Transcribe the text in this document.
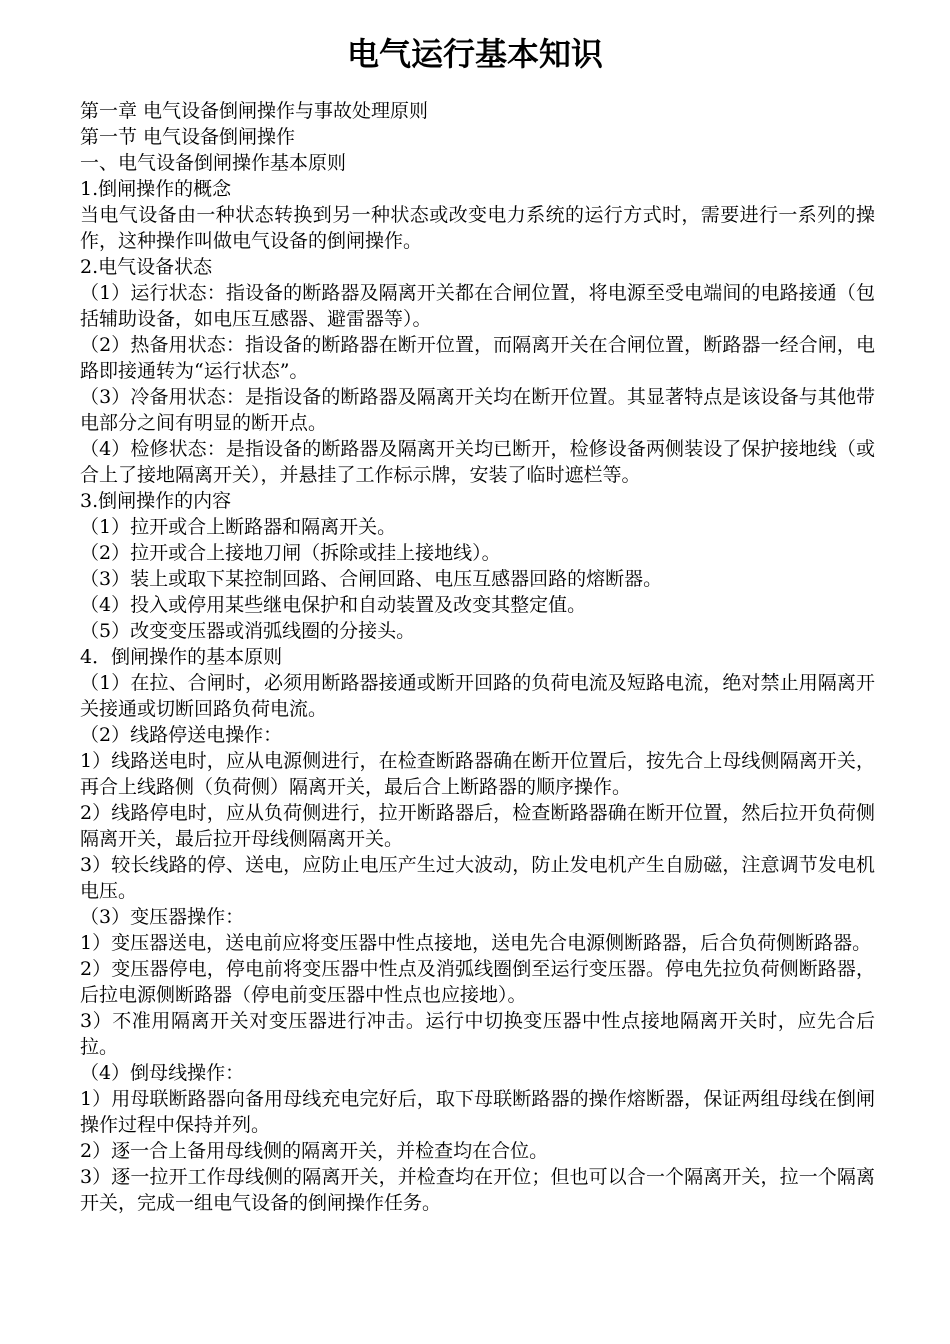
电气运行基本知识

第一章 电气设备倒闸操作与事故处理原则

第一节 电气设备倒闸操作

一、电气设备倒闸操作基本原则

1.倒闸操作的概念

当电气设备由一种状态转换到另一种状态或改变电力系统的运行方式时，需要进行一系列的操作，这种操作叫做电气设备的倒闸操作。

2.电气设备状态

（1）运行状态：指设备的断路器及隔离开关都在合闸位置，将电源至受电端间的电路接通（包括辅助设备，如电压互感器、避雷器等）。

（2）热备用状态：指设备的断路器在断开位置，而隔离开关在合闸位置，断路器一经合闸，电路即接通转为“运行状态”。

（3）冷备用状态：是指设备的断路器及隔离开关均在断开位置。其显著特点是该设备与其他带电部分之间有明显的断开点。

（4）检修状态：是指设备的断路器及隔离开关均已断开，检修设备两侧装设了保护接地线（或合上了接地隔离开关），并悬挂了工作标示牌，安装了临时遮栏等。

3.倒闸操作的内容

（1）拉开或合上断路器和隔离开关。

（2）拉开或合上接地刀闸（拆除或挂上接地线）。

（3）装上或取下某控制回路、合闸回路、电压互感器回路的熔断器。

（4）投入或停用某些继电保护和自动装置及改变其整定值。

（5）改变变压器或消弧线圈的分接头。

4．倒闸操作的基本原则

（1）在拉、合闸时，必须用断路器接通或断开回路的负荷电流及短路电流，绝对禁止用隔离开关接通或切断回路负荷电流。

（2）线路停送电操作：

1）线路送电时，应从电源侧进行，在检查断路器确在断开位置后，按先合上母线侧隔离开关，再合上线路侧（负荷侧）隔离开关，最后合上断路器的顺序操作。

2）线路停电时，应从负荷侧进行，拉开断路器后，检查断路器确在断开位置，然后拉开负荷侧隔离开关，最后拉开母线侧隔离开关。

3）较长线路的停、送电，应防止电压产生过大波动，防止发电机产生自励磁，注意调节发电机电压。

（3）变压器操作：

1）变压器送电，送电前应将变压器中性点接地，送电先合电源侧断路器，后合负荷侧断路器。

2）变压器停电，停电前将变压器中性点及消弧线圈倒至运行变压器。停电先拉负荷侧断路器，后拉电源侧断路器（停电前变压器中性点也应接地）。

3）不准用隔离开关对变压器进行冲击。运行中切换变压器中性点接地隔离开关时，应先合后拉。

（4）倒母线操作：

1）用母联断路器向备用母线充电完好后，取下母联断路器的操作熔断器，保证两组母线在倒闸操作过程中保持并列。

2）逐一合上备用母线侧的隔离开关，并检查均在合位。

3）逐一拉开工作母线侧的隔离开关，并检查均在开位；但也可以合一个隔离开关，拉一个隔离开关，完成一组电气设备的倒闸操作任务。
